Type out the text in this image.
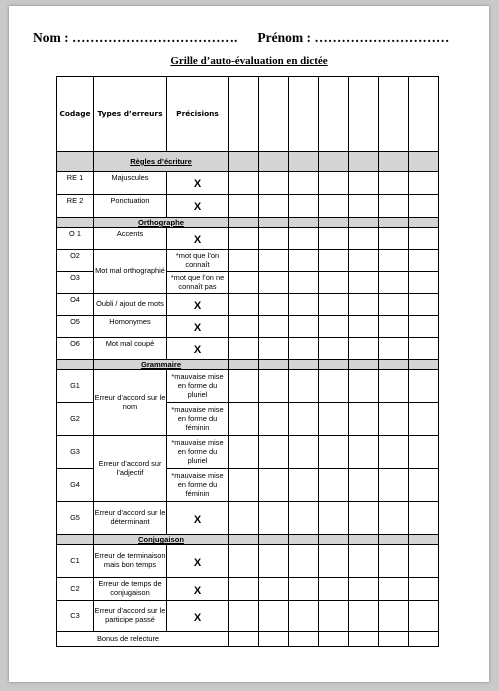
Nom : ………………………………. Prénom : …………………………
Grille d’auto-évaluation en dictée
Codage	Types d’erreurs	Précisions							
	Règles d’écriture								
RE 1	Majuscules	X							
RE 2	Ponctuation	X							
	Orthographe								
O 1	Accents	X							
O2	Mot mal orthographié	*mot que l’on connaît							
O3		*mot que l’on ne connaît pas							
O4	Oubli / ajout de mots	X							
O5	Homonymes	X							
O6	Mot mal coupé	X							
	Grammaire								
G1	Erreur d’accord sur le nom	*mauvaise mise en forme du pluriel							
G2		*mauvaise mise en forme du féminin							
G3	Erreur d’accord sur l’adjectif	*mauvaise mise en forme du pluriel							
G4		*mauvaise mise en forme du féminin							
G5	Erreur d’accord sur le déterminant	X							
	Conjugaison								
C1	Erreur de terminaison mais bon temps	X							
C2	Erreur de temps de conjugaison	X							
C3	Erreur d’accord sur le participe passé	X							
Bonus de relecture									
